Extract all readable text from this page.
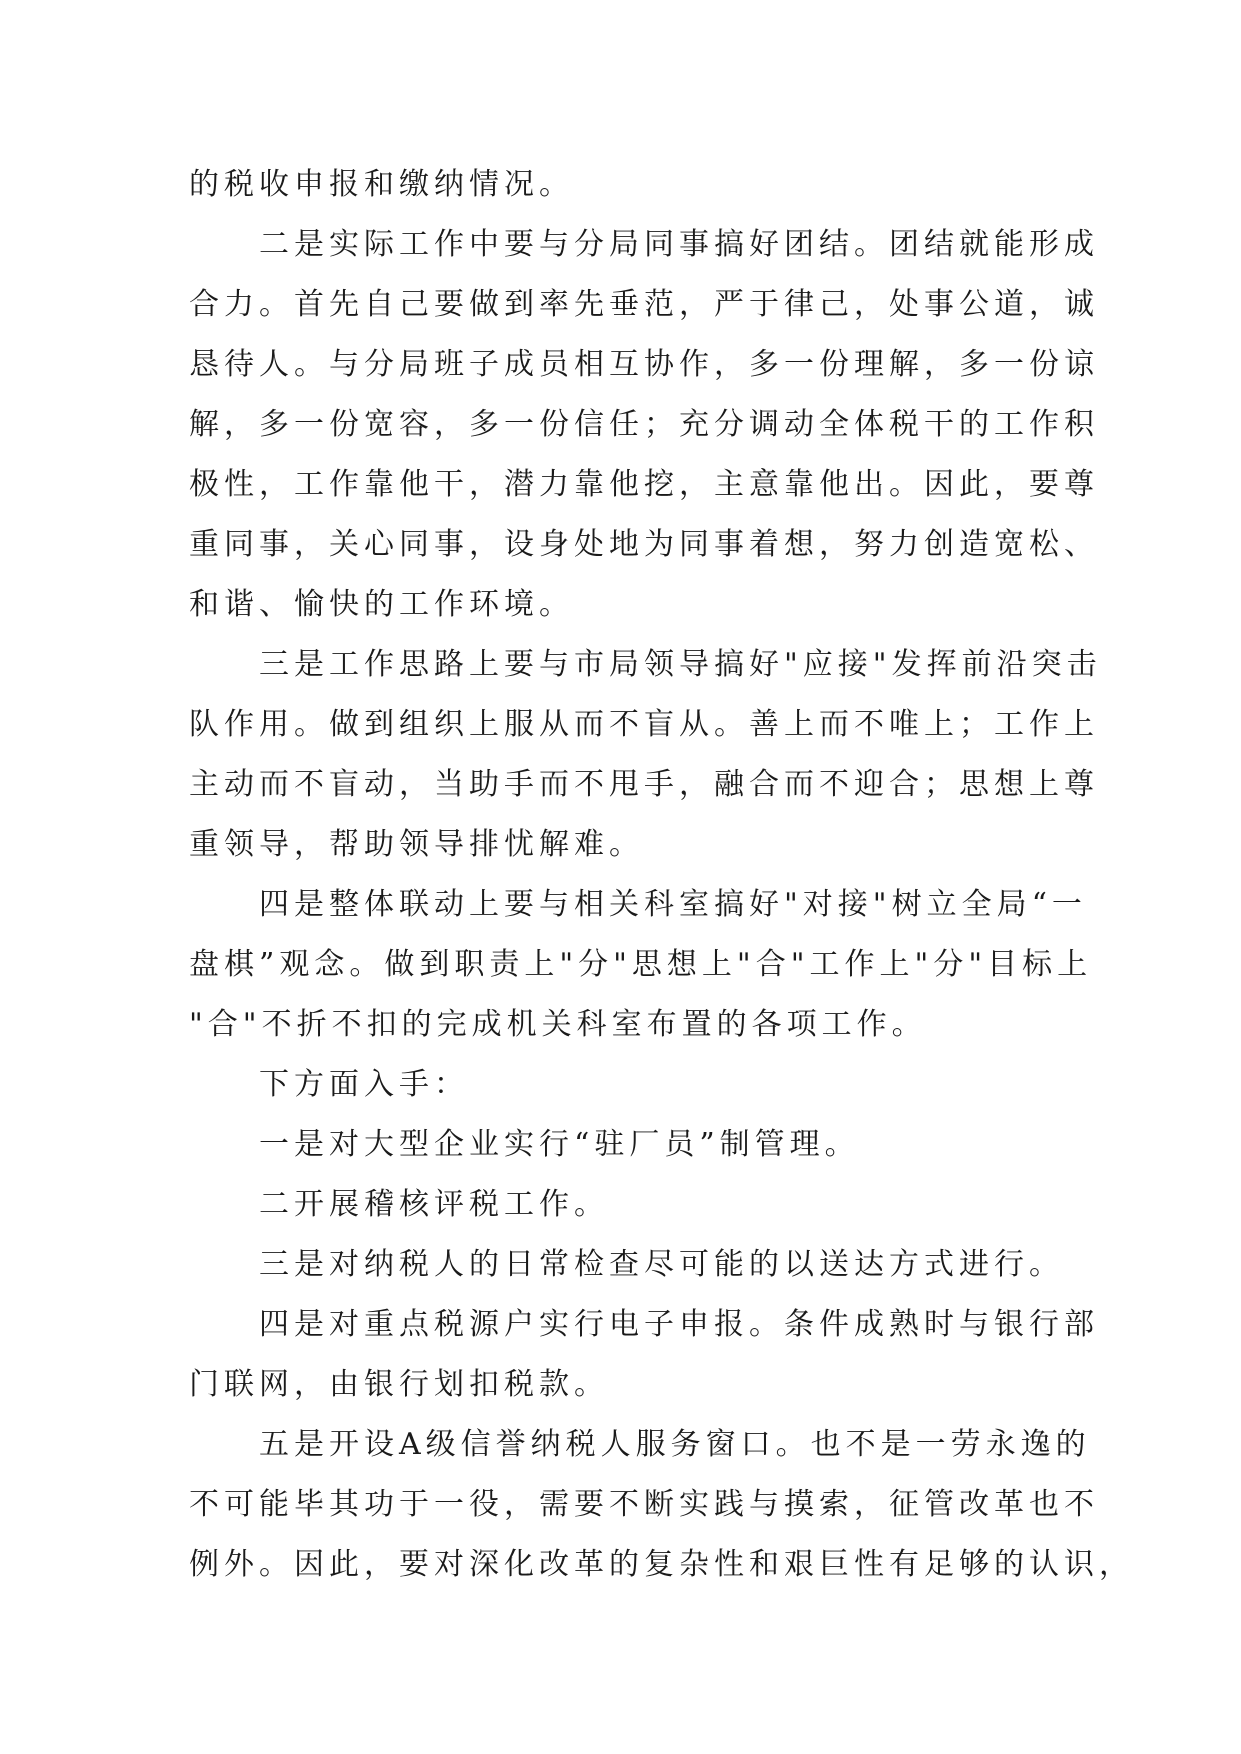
的税收申报和缴纳情况。
二是实际工作中要与分局同事搞好团结。团结就能形成
合力。首先自己要做到率先垂范，严于律己，处事公道，诚
恳待人。与分局班子成员相互协作，多一份理解，多一份谅
解，多一份宽容，多一份信任；充分调动全体税干的工作积
极性，工作靠他干，潜力靠他挖，主意靠他出。因此，要尊
重同事，关心同事，设身处地为同事着想，努力创造宽松、
和谐、愉快的工作环境。
三是工作思路上要与市局领导搞好"应接"发挥前沿突击
队作用。做到组织上服从而不盲从。善上而不唯上；工作上
主动而不盲动，当助手而不甩手，融合而不迎合；思想上尊
重领导，帮助领导排忧解难。
四是整体联动上要与相关科室搞好"对接"树立全局“一
盘棋”观念。做到职责上"分"思想上"合"工作上"分"目标上
"合"不折不扣的完成机关科室布置的各项工作。
下方面入手：
一是对大型企业实行“驻厂员”制管理。
二开展稽核评税工作。
三是对纳税人的日常检查尽可能的以送达方式进行。
四是对重点税源户实行电子申报。条件成熟时与银行部
门联网，由银行划扣税款。
五是开设A级信誉纳税人服务窗口。也不是一劳永逸的
不可能毕其功于一役，需要不断实践与摸索，征管改革也不
例外。因此，要对深化改革的复杂性和艰巨性有足够的认识，
